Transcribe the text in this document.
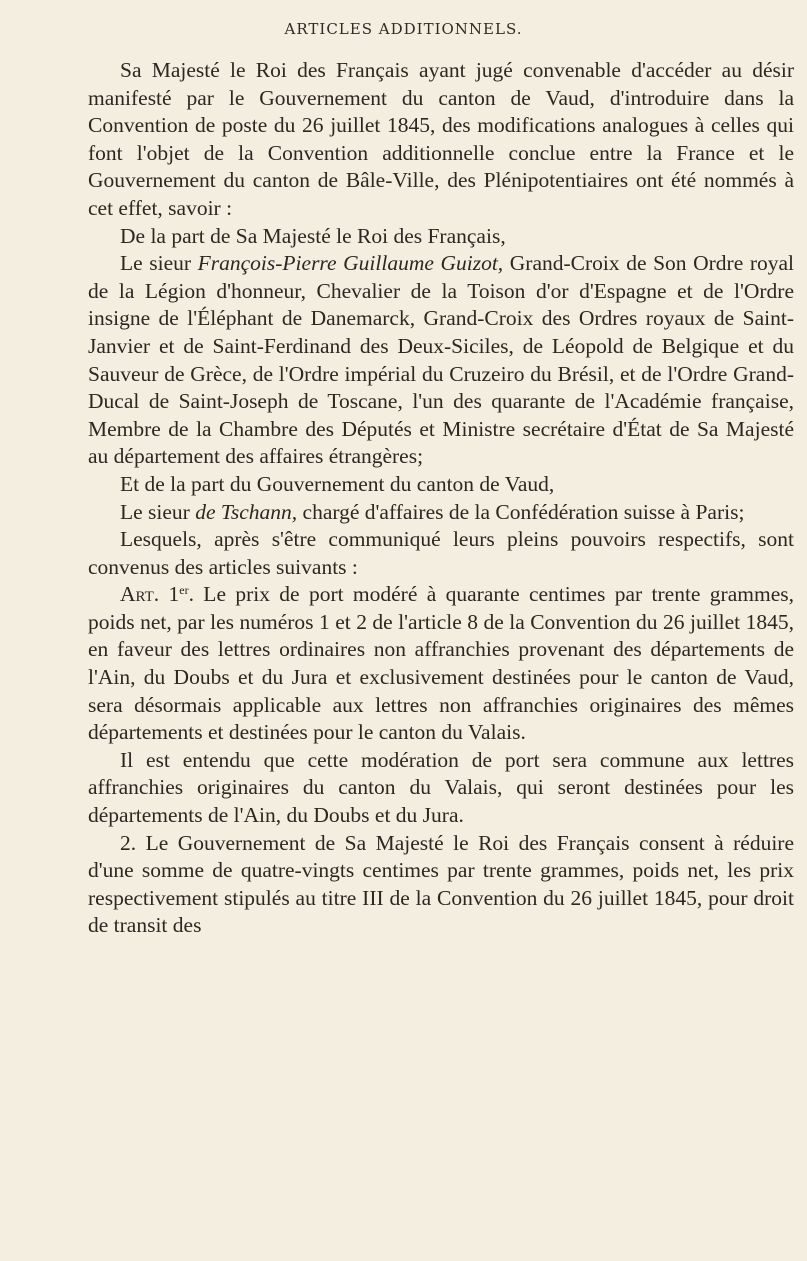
ARTICLES ADDITIONNELS.

Sa Majesté le Roi des Français ayant jugé convenable d'accéder au désir manifesté par le Gouvernement du canton de Vaud, d'introduire dans la Convention de poste du 26 juillet 1845, des modifications analogues à celles qui font l'objet de la Convention additionnelle conclue entre la France et le Gouvernement du canton de Bâle-Ville, des Plénipotentiaires ont été nommés à cet effet, savoir :

De la part de Sa Majesté le Roi des Français,

Le sieur François-Pierre Guillaume Guizot, Grand-Croix de Son Ordre royal de la Légion d'honneur, Chevalier de la Toison d'or d'Espagne et de l'Ordre insigne de l'Éléphant de Danemarck, Grand-Croix des Ordres royaux de Saint-Janvier et de Saint-Ferdinand des Deux-Siciles, de Léopold de Belgique et du Sauveur de Grèce, de l'Ordre impérial du Cruzeiro du Brésil, et de l'Ordre Grand-Ducal de Saint-Joseph de Toscane, l'un des quarante de l'Académie française, Membre de la Chambre des Députés et Ministre secrétaire d'État de Sa Majesté au département des affaires étrangères;

Et de la part du Gouvernement du canton de Vaud,

Le sieur de Tschann, chargé d'affaires de la Confédération suisse à Paris;

Lesquels, après s'être communiqué leurs pleins pouvoirs respectifs, sont convenus des articles suivants :

Art. 1er. Le prix de port modéré à quarante centimes par trente grammes, poids net, par les numéros 1 et 2 de l'article 8 de la Convention du 26 juillet 1845, en faveur des lettres ordinaires non affranchies provenant des départements de l'Ain, du Doubs et du Jura et exclusivement destinées pour le canton de Vaud, sera désormais applicable aux lettres non affranchies originaires des mêmes départements et destinées pour le canton du Valais.

Il est entendu que cette modération de port sera commune aux lettres affranchies originaires du canton du Valais, qui seront destinées pour les départements de l'Ain, du Doubs et du Jura.

2. Le Gouvernement de Sa Majesté le Roi des Français consent à réduire d'une somme de quatre-vingts centimes par trente grammes, poids net, les prix respectivement stipulés au titre III de la Convention du 26 juillet 1845, pour droit de transit des
